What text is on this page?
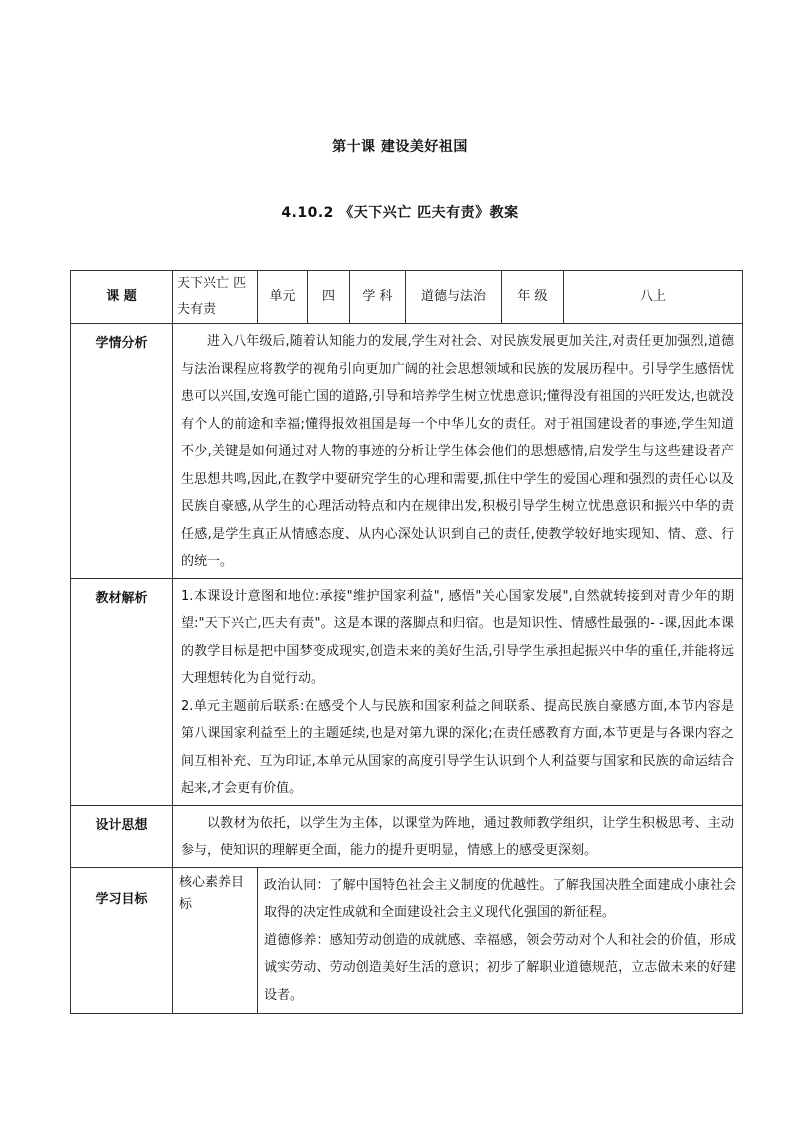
第十课 建设美好祖国
4.10.2 《天下兴亡 匹夫有责》教案
课 题	天下兴亡 匹夫有责	单元	四	学 科	道德与法治	年 级	八上
学情分析	进入八年级后,随着认知能力的发展,学生对社会、对民族发展更加关注,对责任更加强烈,道德与法治课程应将教学的视角引向更加广阔的社会思想领域和民族的发展历程中。引导学生感悟忧患可以兴国,安逸可能亡国的道路,引导和培养学生树立忧患意识;懂得没有祖国的兴旺发达,也就没有个人的前途和幸福;懂得报效祖国是每一个中华儿女的责任。对于祖国建设者的事迹,学生知道不少,关键是如何通过对人物的事迹的分析让学生体会他们的思想感情,启发学生与这些建设者产生思想共鸣,因此,在教学中要研究学生的心理和需要,抓住中学生的爱国心理和强烈的责任心以及民族自豪感,从学生的心理活动特点和内在规律出发,积极引导学生树立忧患意识和振兴中华的责任感,是学生真正从情感态度、从内心深处认识到自己的责任,使教学较好地实现知、情、意、行的统一。						

教材解析	1.本课设计意图和地位:承接"维护国家利益", 感悟"关心国家发展",自然就转接到对青少年的期望:"天下兴亡,匹夫有责"。这是本课的落脚点和归宿。也是知识性、情感性最强的- -课,因此本课的教学目标是把中国梦变成现实,创造未来的美好生活,引导学生承担起振兴中华的重任,并能将远大理想转化为自觉行动。

2.单元主题前后联系:在感受个人与民族和国家利益之间联系、提高民族自豪感方面,本节内容是第八课国家利益至上的主题延续,也是对第九课的深化;在责任感教育方面,本节更是与各课内容之间互相补充、互为印证,本单元从国家的高度引导学生认识到个人利益要与国家和民族的命运结合起来,才会更有价值。						

设计思想	以教材为依托，以学生为主体，以课堂为阵地，通过教师教学组织，让学生积极思考、主动参与，使知识的理解更全面，能力的提升更明显，情感上的感受更深刻。						

学习目标	核心素养目标	政治认同：了解中国特色社会主义制度的优越性。了解我国决胜全面建成小康社会取得的决定性成就和全面建设社会主义现代化强国的新征程。

道德修养：感知劳动创造的成就感、幸福感，领会劳动对个人和社会的价值，形成诚实劳动、劳动创造美好生活的意识；初步了解职业道德规范，立志做未来的好建设者。					
